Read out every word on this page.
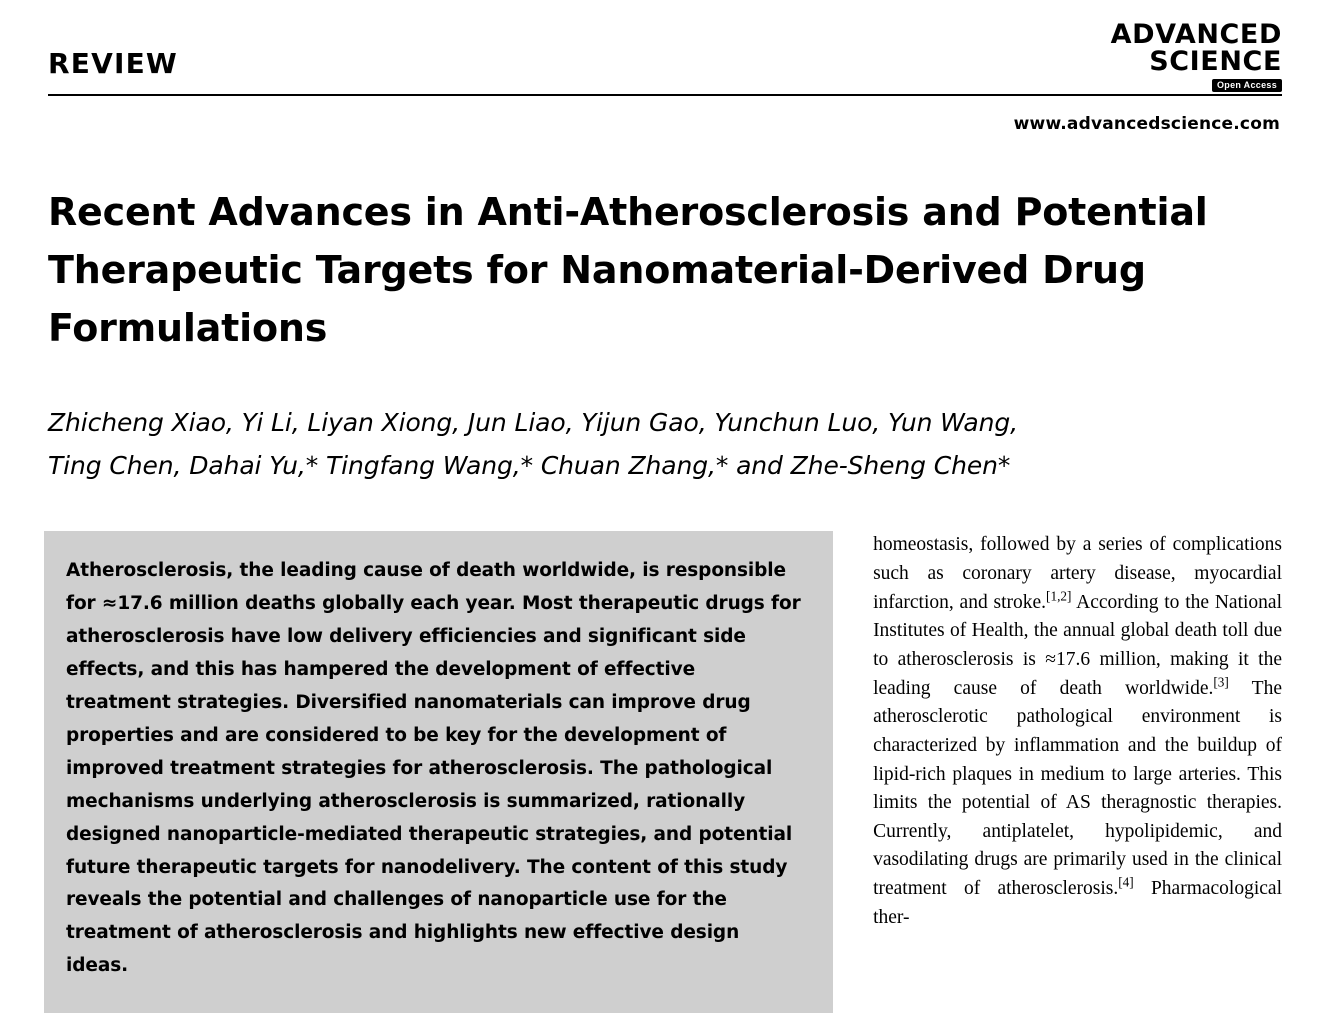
REVIEW
ADVANCED
SCIENCE
Open Access
www.advancedscience.com
Recent Advances in Anti-Atherosclerosis and Potential Therapeutic Targets for Nanomaterial-Derived Drug Formulations
Zhicheng Xiao, Yi Li, Liyan Xiong, Jun Liao, Yijun Gao, Yunchun Luo, Yun Wang,
Ting Chen, Dahai Yu,* Tingfang Wang,* Chuan Zhang,* and Zhe-Sheng Chen*

Atherosclerosis, the leading cause of death worldwide, is responsible for ≈17.6 million deaths globally each year. Most therapeutic drugs for atherosclerosis have low delivery efficiencies and significant side effects, and this has hampered the development of effective treatment strategies. Diversified nanomaterials can improve drug properties and are considered to be key for the development of improved treatment strategies for atherosclerosis. The pathological mechanisms underlying atherosclerosis is summarized, rationally designed nanoparticle-mediated therapeutic strategies, and potential future therapeutic targets for nanodelivery. The content of this study reveals the potential and challenges of nanoparticle use for the treatment of atherosclerosis and highlights new effective design ideas.

homeostasis, followed by a series of complications such as coronary artery disease, myocardial infarction, and stroke.[1,2] According to the National Institutes of Health, the annual global death toll due to atherosclerosis is ≈17.6 million, making it the leading cause of death worldwide.[3] The atherosclerotic pathological environment is characterized by inflammation and the buildup of lipid-rich plaques in medium to large arteries. This limits the potential of AS theragnostic therapies. Currently, antiplatelet, hypolipidemic, and vasodilating drugs are primarily used in the clinical treatment of atherosclerosis.[4] Pharmacological ther-
